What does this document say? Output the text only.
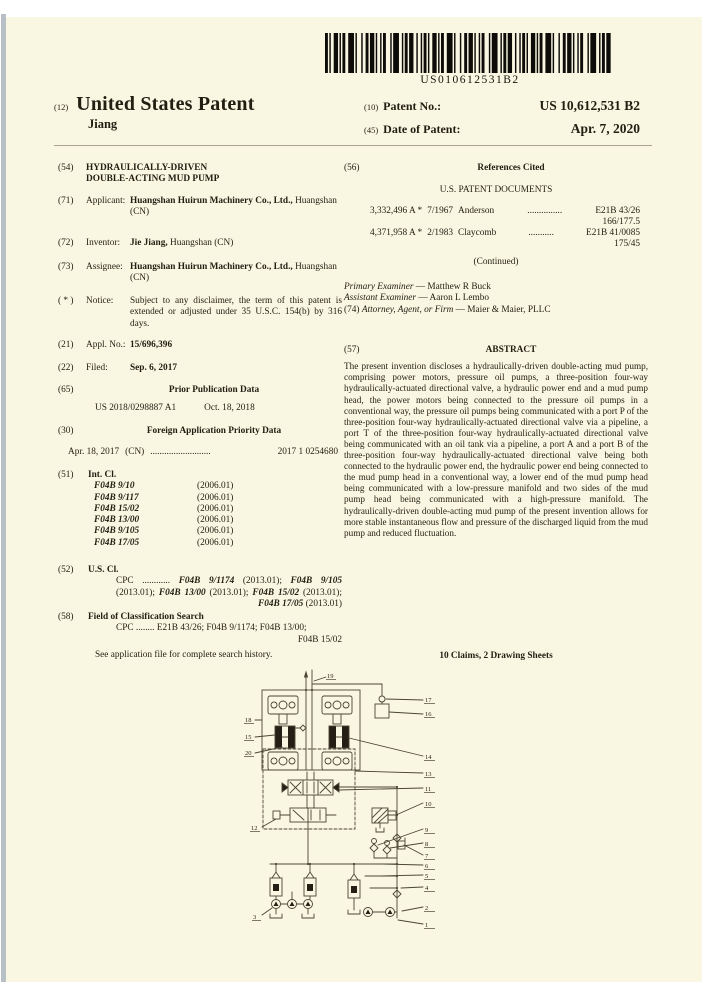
US010612531B2
(12) United States Patent
Jiang
(10) Patent No.:	US 10,612,531 B2
(45) Date of Patent:	Apr. 7, 2020
(54)	HYDRAULICALLY-DRIVEN
DOUBLE-ACTING MUD PUMP
(71)	Applicant: Huangshan Huirun Machinery Co., Ltd., Huangshan (CN)
(72)	Inventor:	Jie Jiang, Huangshan (CN)
(73)	Assignee: Huangshan Huirun Machinery Co., Ltd., Huangshan (CN)
( * )	Notice:	Subject to any disclaimer, the term of this patent is extended or adjusted under 35 U.S.C. 154(b) by 316 days.
(21)	Appl. No.: 15/696,396
(22)	Filed:	Sep. 6, 2017
(65)	Prior Publication Data
US 2018/0298887 A1	Oct. 18, 2018
(30)	Foreign Application Priority Data
Apr. 18, 2017 (CN) ..........................	2017 1 0254680
(51)	Int. Cl.
F04B 9/10	(2006.01)
F04B 9/117	(2006.01)
F04B 15/02	(2006.01)
F04B 13/00	(2006.01)
F04B 9/105	(2006.01)
F04B 17/05	(2006.01)
(52)	U.S. Cl.
CPC ............ F04B 9/1174 (2013.01); F04B 9/105 (2013.01); F04B 13/00 (2013.01); F04B 15/02 (2013.01); F04B 17/05 (2013.01)
(58)	Field of Classification Search
CPC ........ E21B 43/26; F04B 9/1174; F04B 13/00;
F04B 15/02
See application file for complete search history.
(56)	References Cited
U.S. PATENT DOCUMENTS
3,332,496 A * 7/1967 Anderson	...............	E21B 43/26
166/177.5
4,371,958 A * 2/1983 Claycomb	...........	E21B 41/0085
175/45
(Continued)

Primary Examiner — Matthew R Buck

Assistant Examiner — Aaron L Lembo

(74) Attorney, Agent, or Firm — Maier & Maier, PLLC

(57)	ABSTRACT

The present invention discloses a hydraulically-driven double-acting mud pump, comprising power motors, pressure oil pumps, a three-position four-way hydraulically-actuated directional valve, a hydraulic power end and a mud pump head, the power motors being connected to the pressure oil pumps in a conventional way, the pressure oil pumps being communicated with a port P of the three-position four-way hydraulically-actuated directional valve via a pipeline, a port T of the three-position four-way hydraulically-actuated directional valve being communicated with an oil tank via a pipeline, a port A and a port B of the three-position four-way hydraulically-actuated directional valve being both connected to the hydraulic power end, the hydraulic power end being connected to the mud pump head in a conventional way, a lower end of the mud pump head being communicated with a low-pressure manifold and two sides of the mud pump head being communicated with a high-pressure manifold. The hydraulically-driven double-acting mud pump of the present invention allows for more stable instantaneous flow and pressure of the discharged liquid from the mud pump and reduced fluctuation.

10 Claims, 2 Drawing Sheets
19
18
15
20
12
3
17
16
14
13
11
10
9
8
7
6
5
4
2
1
